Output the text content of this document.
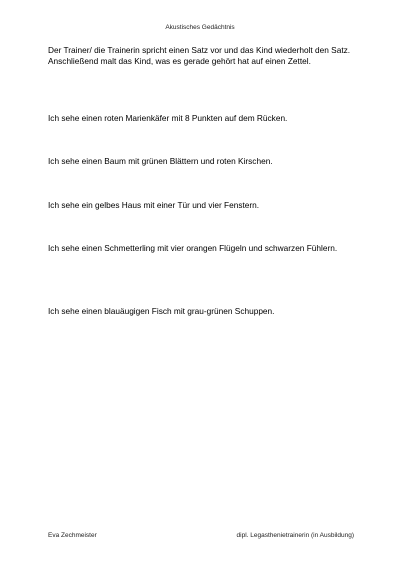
Akustisches Gedächtnis

Der Trainer/ die Trainerin spricht einen Satz vor und das Kind wiederholt den Satz. Anschließend malt das Kind, was es gerade gehört hat auf einen Zettel.

Ich sehe einen roten Marienkäfer mit 8 Punkten auf dem Rücken.

Ich sehe einen Baum mit grünen Blättern und roten Kirschen.

Ich sehe ein gelbes Haus mit einer Tür und vier Fenstern.

Ich sehe einen Schmetterling mit vier orangen Flügeln und schwarzen Fühlern.

Ich sehe einen blauäugigen Fisch mit grau-grünen Schuppen.

Eva Zechmeister	dipl. Legasthenietrainerin (in Ausbildung)
